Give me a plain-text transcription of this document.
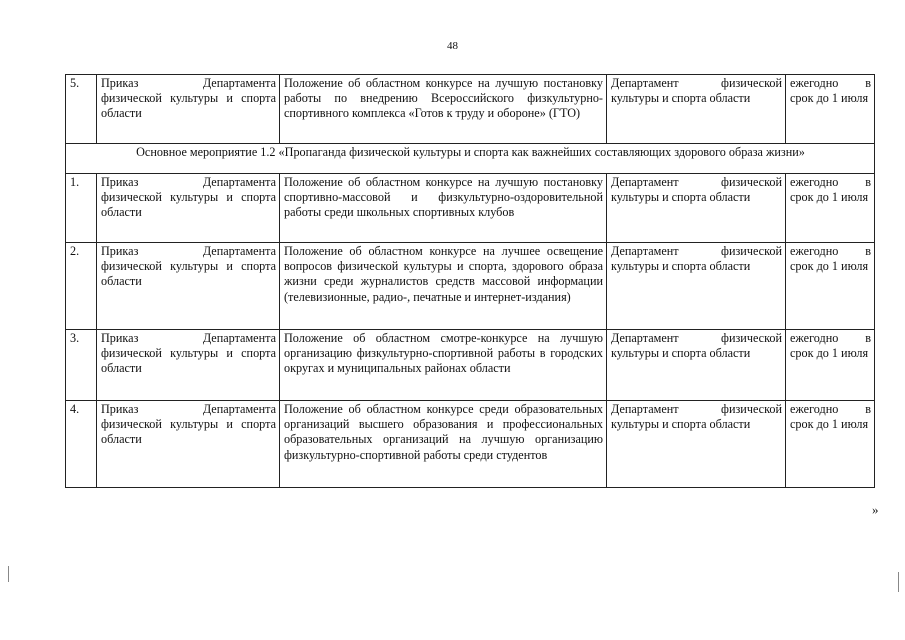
48
5.	Приказ Департамента физической культуры и спорта области	Положение об областном конкурсе на лучшую постановку работы по внедрению Всероссийского физкультурно-спортивного комплекса «Готов к труду и обороне» (ГТО)	Департамент физической культуры и спорта области	ежегодно в срок до 1 июля
Основное мероприятие 1.2 «Пропаганда физической культуры и спорта как важнейших составляющих здорового образа жизни»				
1.	Приказ Департамента физической культуры и спорта области	Положение об областном конкурсе на лучшую постановку спортивно-массовой и физкультурно-оздоровительной работы среди школьных спортивных клубов	Департамент физической культуры и спорта области	ежегодно в срок до 1 июля
2.	Приказ Департамента физической культуры и спорта области	Положение об областном конкурсе на лучшее освещение вопросов физической культуры и спорта, здорового образа жизни среди журналистов средств массовой информации (телевизионные, радио-, печатные и интернет-издания)	Департамент физической культуры и спорта области	ежегодно в срок до 1 июля
3.	Приказ Департамента физической культуры и спорта области	Положение об областном смотре-конкурсе на лучшую организацию физкультурно-спортивной работы в городских округах и муниципальных районах области	Департамент физической культуры и спорта области	ежегодно в срок до 1 июля
4.	Приказ Департамента физической культуры и спорта области	Положение об областном конкурсе среди образовательных организаций высшего образования и профессиональных образовательных организаций на лучшую организацию физкультурно-спортивной работы среди студентов	Департамент физической культуры и спорта области	ежегодно в срок до 1 июля
»
